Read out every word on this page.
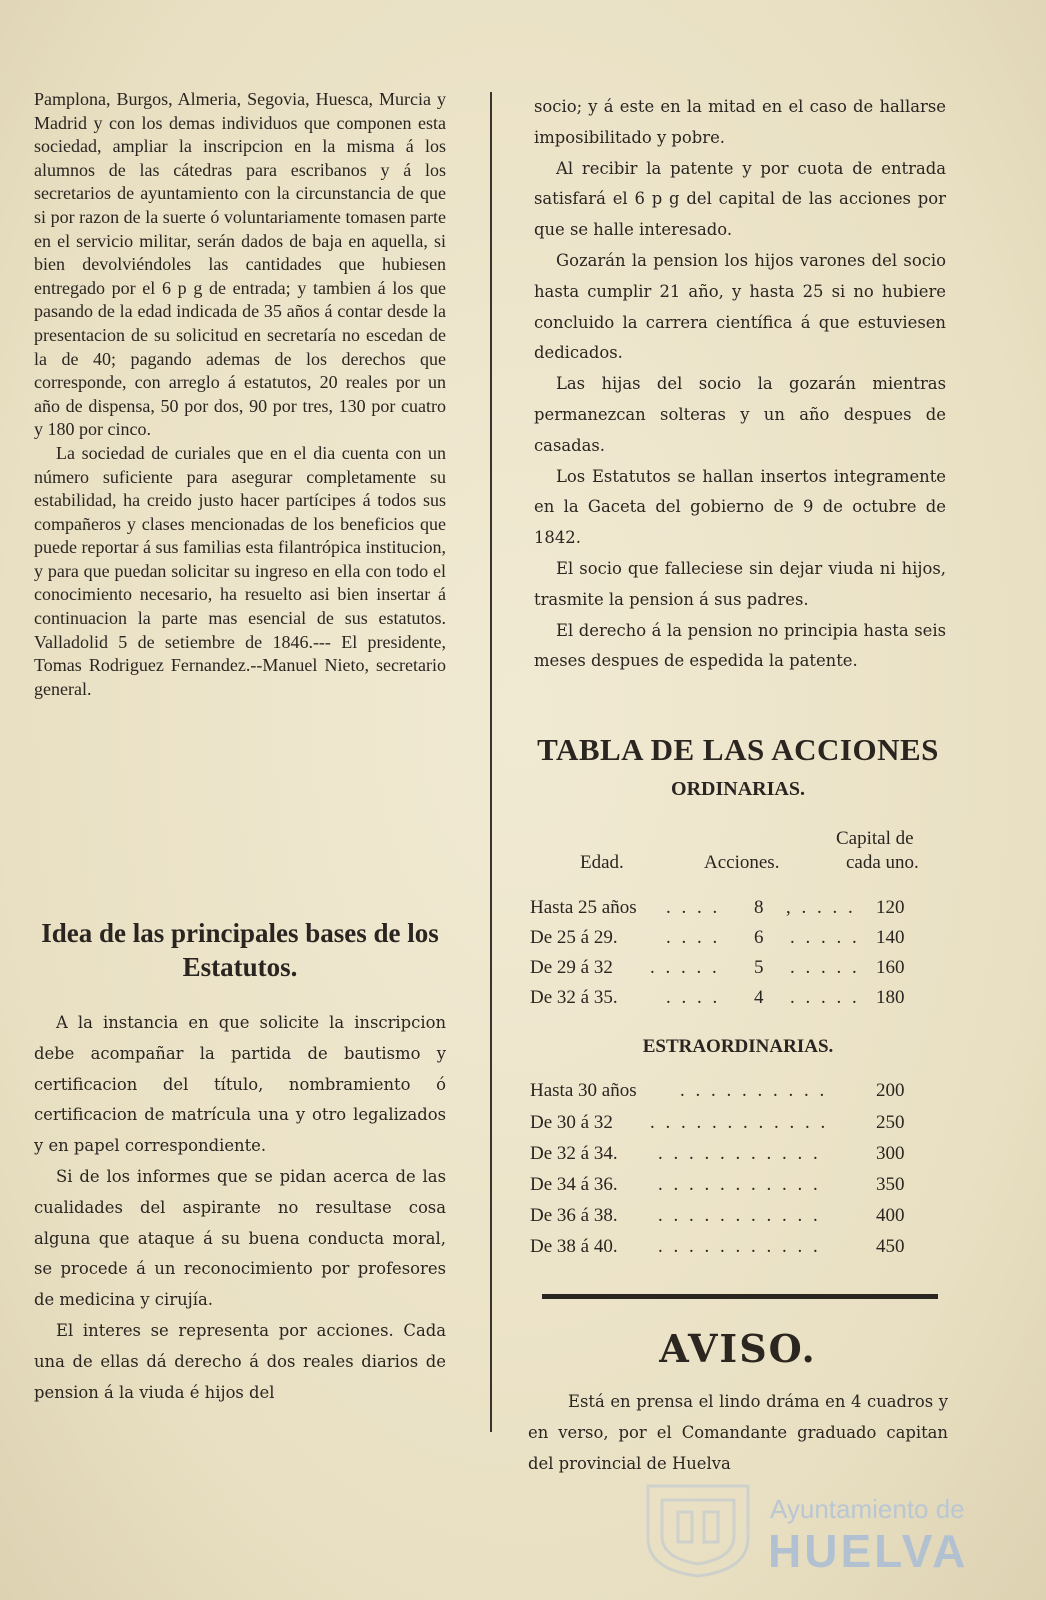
Pamplona, Burgos, Almeria, Segovia, Huesca, Murcia y Madrid y con los demas individuos que componen esta sociedad, ampliar la inscripcion en la misma á los alumnos de las cátedras para escribanos y á los secretarios de ayuntamiento con la circunstancia de que si por razon de la suerte ó voluntariamente tomasen parte en el servicio militar, serán dados de baja en aquella, si bien devolviéndoles las cantidades que hubiesen entregado por el 6 p g de entrada; y tambien á los que pasando de la edad indicada de 35 años á contar desde la presentacion de su solicitud en secretaría no escedan de la de 40; pagando ademas de los derechos que corresponde, con arreglo á estatutos, 20 reales por un año de dispensa, 50 por dos, 90 por tres, 130 por cuatro y 180 por cinco.

La sociedad de curiales que en el dia cuenta con un número suficiente para asegurar completamente su estabilidad, ha creido justo hacer partícipes á todos sus compañeros y clases mencionadas de los beneficios que puede reportar á sus familias esta filantrópica institucion, y para que puedan solicitar su ingreso en ella con todo el conocimiento necesario, ha resuelto asi bien insertar á continuacion la parte mas esencial de sus estatutos. Valladolid 5 de setiembre de 1846.--- El presidente, Tomas Rodriguez Fernandez.--Manuel Nieto, secretario general.

Idea de las principales bases de los Estatutos.

A la instancia en que solicite la inscripcion debe acompañar la partida de bautismo y certificacion del título, nombramiento ó certificacion de matrícula una y otro legalizados y en papel correspondiente.

Si de los informes que se pidan acerca de las cualidades del aspirante no resultase cosa alguna que ataque á su buena conducta moral, se procede á un reconocimiento por profesores de medicina y cirujía.

El interes se representa por acciones. Cada una de ellas dá derecho á dos reales diarios de pension á la viuda é hijos del

socio; y á este en la mitad en el caso de hallarse imposibilitado y pobre.

Al recibir la patente y por cuota de entrada satisfará el 6 p g del capital de las acciones por que se halle interesado.

Gozarán la pension los hijos varones del socio hasta cumplir 21 año, y hasta 25 si no hubiere concluido la carrera científica á que estuviesen dedicados.

Las hijas del socio la gozarán mientras permanezcan solteras y un año despues de casadas.

Los Estatutos se hallan insertos integramente en la Gaceta del gobierno de 9 de octubre de 1842.

El socio que falleciese sin dejar viuda ni hijos, trasmite la pension á sus padres.

El derecho á la pension no principia hasta seis meses despues de espedida la patente.

TABLA DE LAS ACCIONES
ORDINARIAS.
Capital de
Edad.	Acciones.	cada uno.
Hasta 25 años . . . . 8 , . . . . 120
De 25 á 29.	. . . . 6 . . . . . 140
De 29 á 32 . . . . . 5 . . . . . 160
De 32 á 35.	. . . . 4 . . . . . 180
ESTRAORDINARIAS.
Hasta 30 años . . . . . . . . . .	200
De 30 á 32 . . . . . . . . . . . .	250
De 32 á 34. . . . . . . . . . . .	300
De 34 á 36. . . . . . . . . . . .	350
De 36 á 38. . . . . . . . . . . .	400
De 38 á 40. . . . . . . . . . . .	450
AVISO.

Está en prensa el lindo dráma en 4 cuadros y en verso, por el Comandante graduado capitan del provincial de Huelva

Ayuntamiento de
HUELVA
